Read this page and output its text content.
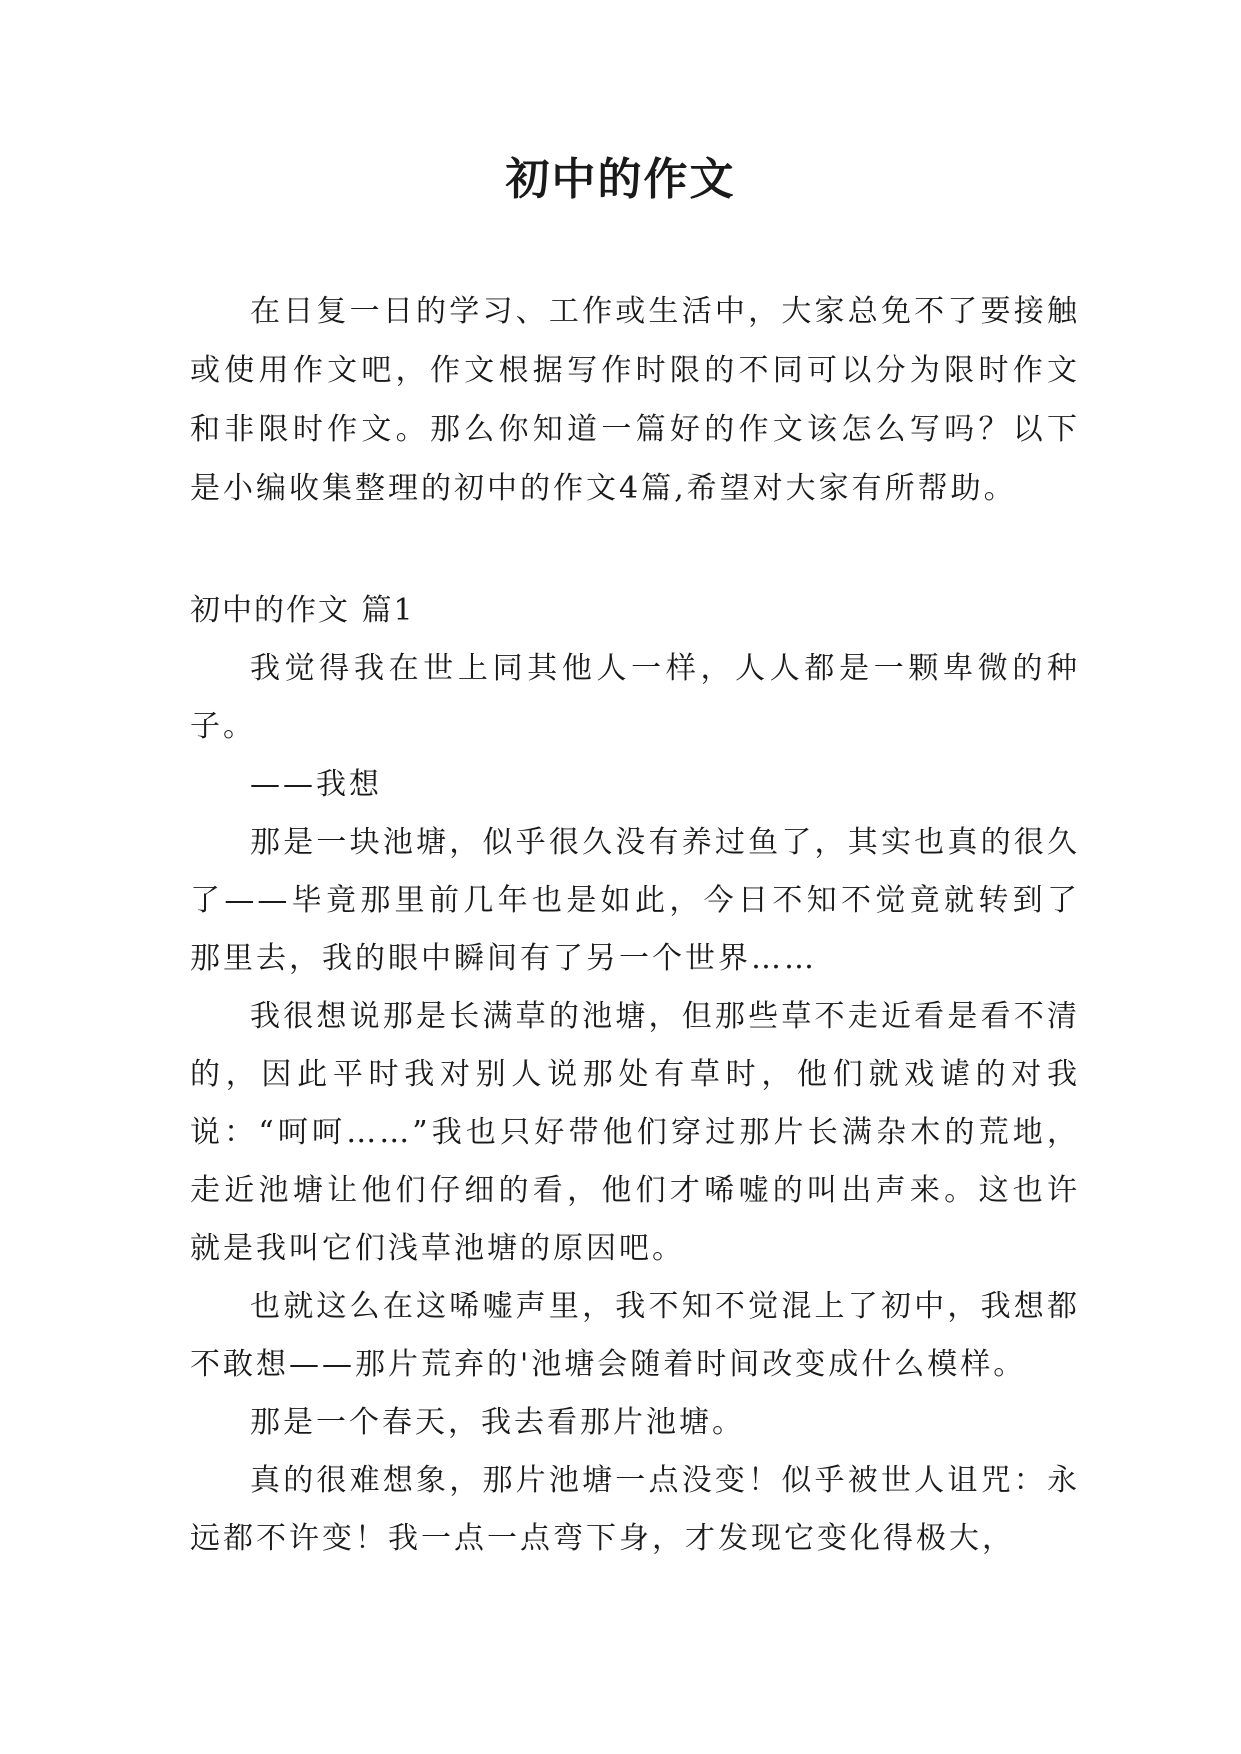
初中的作文

在日复一日的学习、工作或生活中，大家总免不了要接触或使用作文吧，作文根据写作时限的不同可以分为限时作文和非限时作文。那么你知道一篇好的作文该怎么写吗？以下是小编收集整理的初中的作文4篇,希望对大家有所帮助。

初中的作文 篇1

我觉得我在世上同其他人一样，人人都是一颗卑微的种子。

——我想

那是一块池塘，似乎很久没有养过鱼了，其实也真的很久了——毕竟那里前几年也是如此，今日不知不觉竟就转到了那里去，我的眼中瞬间有了另一个世界……

我很想说那是长满草的池塘，但那些草不走近看是看不清的，因此平时我对别人说那处有草时，他们就戏谑的对我说：“呵呵……”我也只好带他们穿过那片长满杂木的荒地，走近池塘让他们仔细的看，他们才唏嘘的叫出声来。这也许就是我叫它们浅草池塘的原因吧。

也就这么在这唏嘘声里，我不知不觉混上了初中，我想都不敢想——那片荒弃的'池塘会随着时间改变成什么模样。

那是一个春天，我去看那片池塘。

真的很难想象，那片池塘一点没变！似乎被世人诅咒：永远都不许变！我一点一点弯下身，才发现它变化得极大，
